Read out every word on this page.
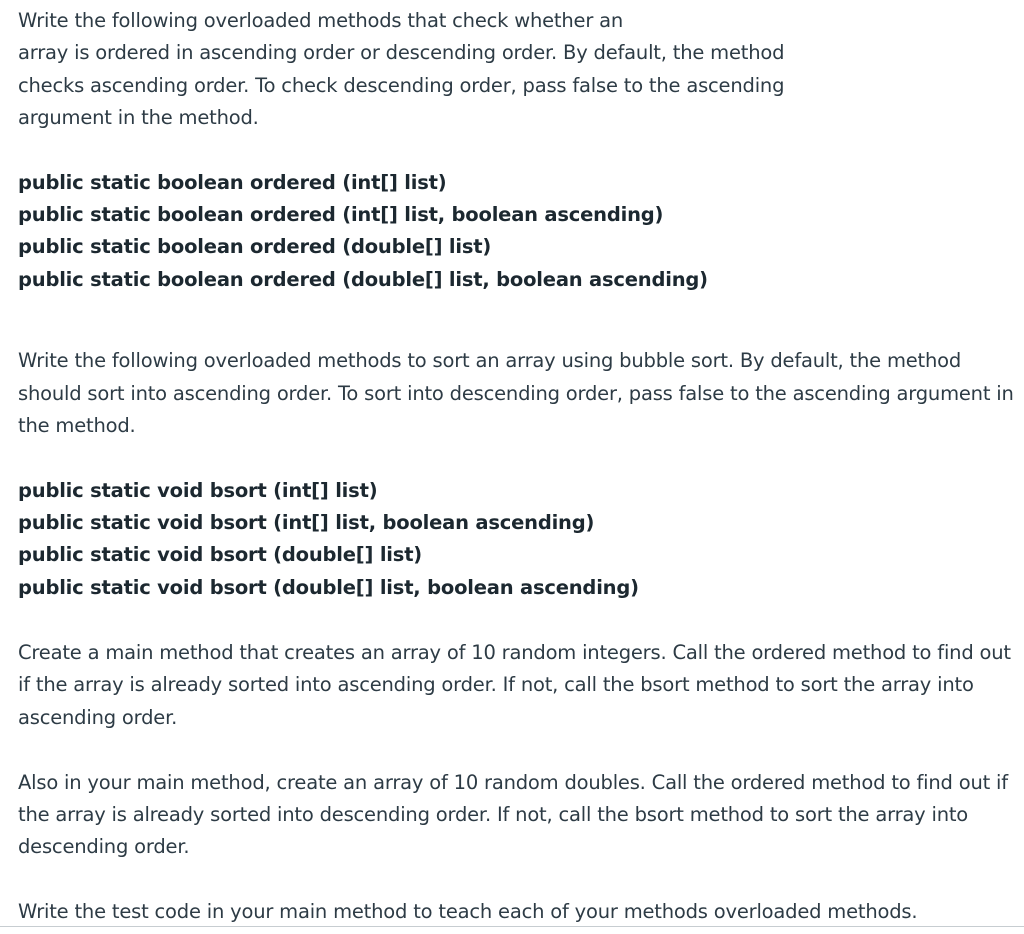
Write the following overloaded methods that check whether an
array is ordered in ascending order or descending order. By default, the method
checks ascending order. To check descending order, pass false to the ascending
argument in the method.
public static boolean ordered (int[] list)
public static boolean ordered (int[] list, boolean ascending)
public static boolean ordered (double[] list)
public static boolean ordered (double[] list, boolean ascending)
Write the following overloaded methods to sort an array using bubble sort. By default, the method
should sort into ascending order. To sort into descending order, pass false to the ascending argument in
the method.
public static void bsort (int[] list)
public static void bsort (int[] list, boolean ascending)
public static void bsort (double[] list)
public static void bsort (double[] list, boolean ascending)
Create a main method that creates an array of 10 random integers. Call the ordered method to find out
if the array is already sorted into ascending order. If not, call the bsort method to sort the array into
ascending order.
Also in your main method, create an array of 10 random doubles. Call the ordered method to find out if
the array is already sorted into descending order. If not, call the bsort method to sort the array into
descending order.
Write the test code in your main method to teach each of your methods overloaded methods.
